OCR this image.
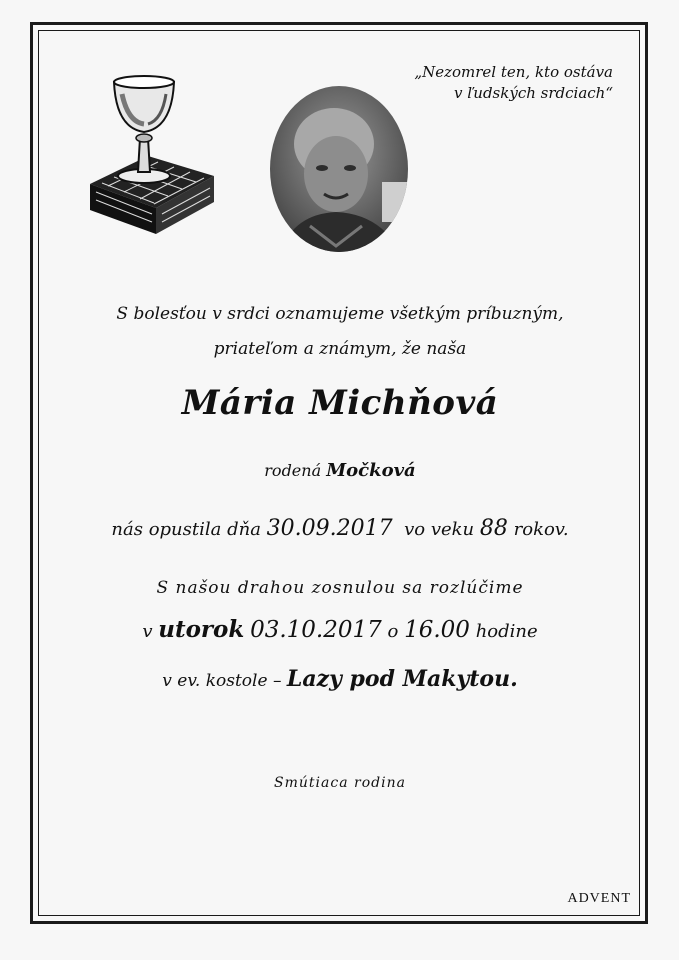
„Nezomrel ten, kto ostáva
v ľudských srdciach“
S bolesťou v srdci oznamujeme všetkým príbuzným,
priateľom a známym, že naša
Mária Michňová
rodená Močková
nás opustila dňa 30.09.2017 vo veku 88 rokov.
S našou drahou zosnulou sa rozlúčime
v utorok 03.10.2017 o 16.00 hodine
v ev. kostole – Lazy pod Makytou.
Smútiaca rodina
ADVENT
